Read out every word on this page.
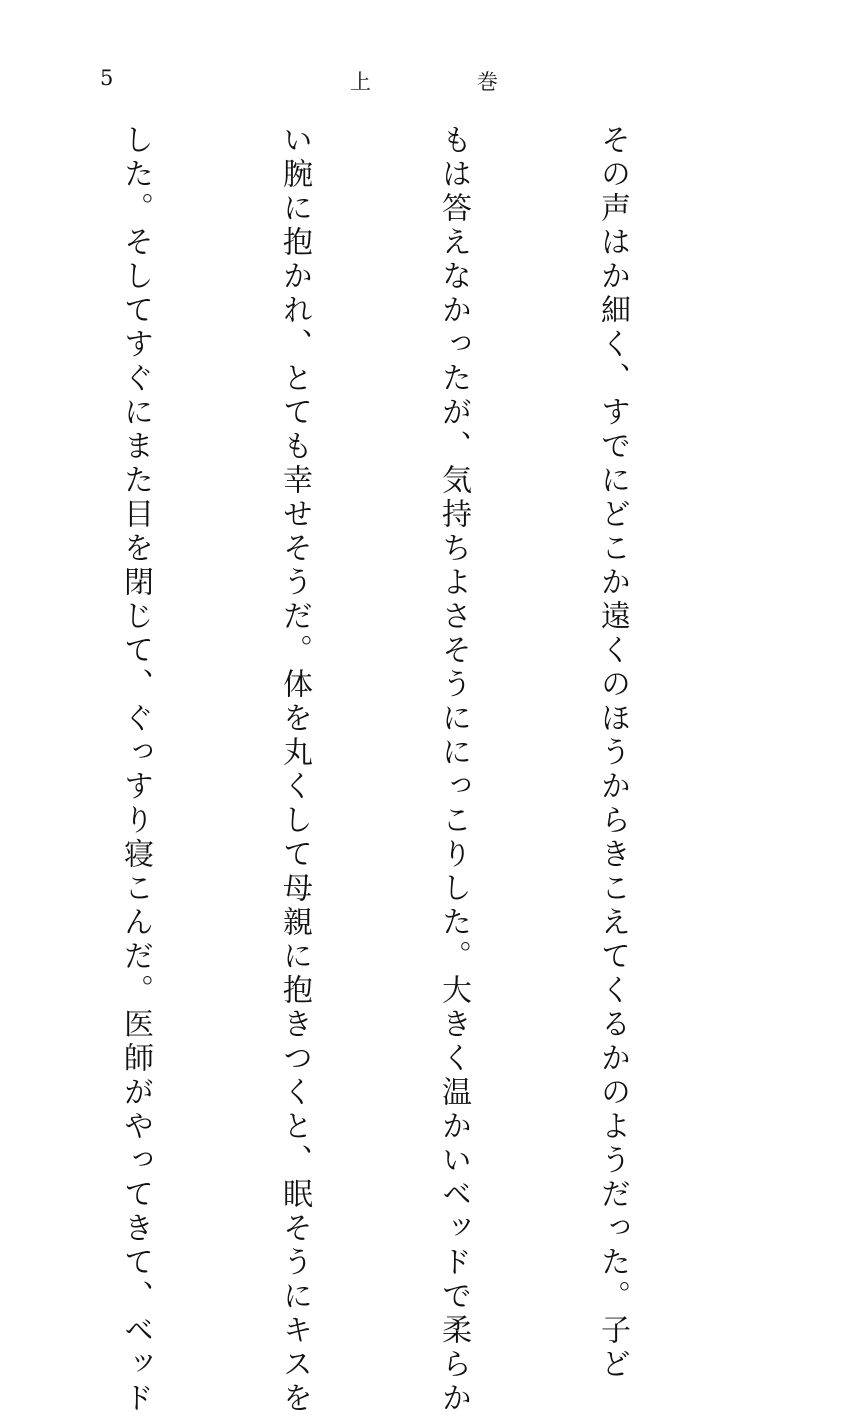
5	上	巻

その声はか細く、すでにどこか遠くのほうからきこえてくるかのようだった。子ど

もは答えなかったが、気持ちよさそうににっこりした。大きく温かいベッドで柔らか

い腕に抱かれ、とても幸せそうだ。体を丸くして母親に抱きつくと、眠そうにキスを

した。そしてすぐにまた目を閉じて、ぐっすり寝こんだ。医師がやってきて、ベッド
